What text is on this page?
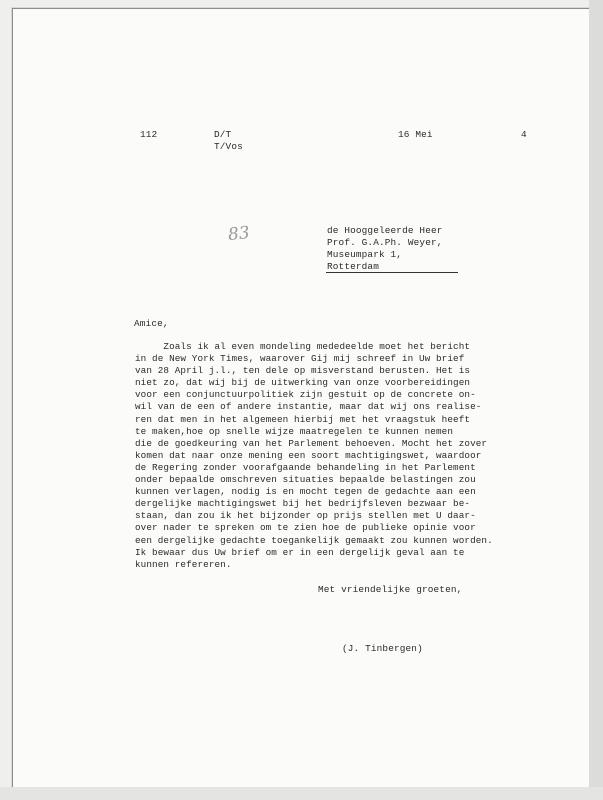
112	D/T
T/Vos
16 Mei	4
83	de Hooggeleerde Heer
Prof. G.A.Ph. Weyer,
Museumpark 1,
Rotterdam
Amice,
Zoals ik al even mondeling mededeelde moet het bericht
in de New York Times, waarover Gij mij schreef in Uw brief
van 28 April j.l., ten dele op misverstand berusten. Het is
niet zo, dat wij bij de uitwerking van onze voorbereidingen
voor een conjunctuurpolitiek zijn gestuit op de concrete on-
wil van de een of andere instantie, maar dat wij ons realise-
ren dat men in het algemeen hierbij met het vraagstuk heeft
te maken,hoe op snelle wijze maatregelen te kunnen nemen
die de goedkeuring van het Parlement behoeven. Mocht het zover
komen dat naar onze mening een soort machtigingswet, waardoor
de Regering zonder voorafgaande behandeling in het Parlement
onder bepaalde omschreven situaties bepaalde belastingen zou
kunnen verlagen, nodig is en mocht tegen de gedachte aan een
dergelijke machtigingswet bij het bedrijfsleven bezwaar be-
staan, dan zou ik het bijzonder op prijs stellen met U daar-
over nader te spreken om te zien hoe de publieke opinie voor
een dergelijke gedachte toegankelijk gemaakt zou kunnen worden.
Ik bewaar dus Uw brief om er in een dergelijk geval aan te
kunnen refereren.
Met vriendelijke groeten,
(J. Tinbergen)
